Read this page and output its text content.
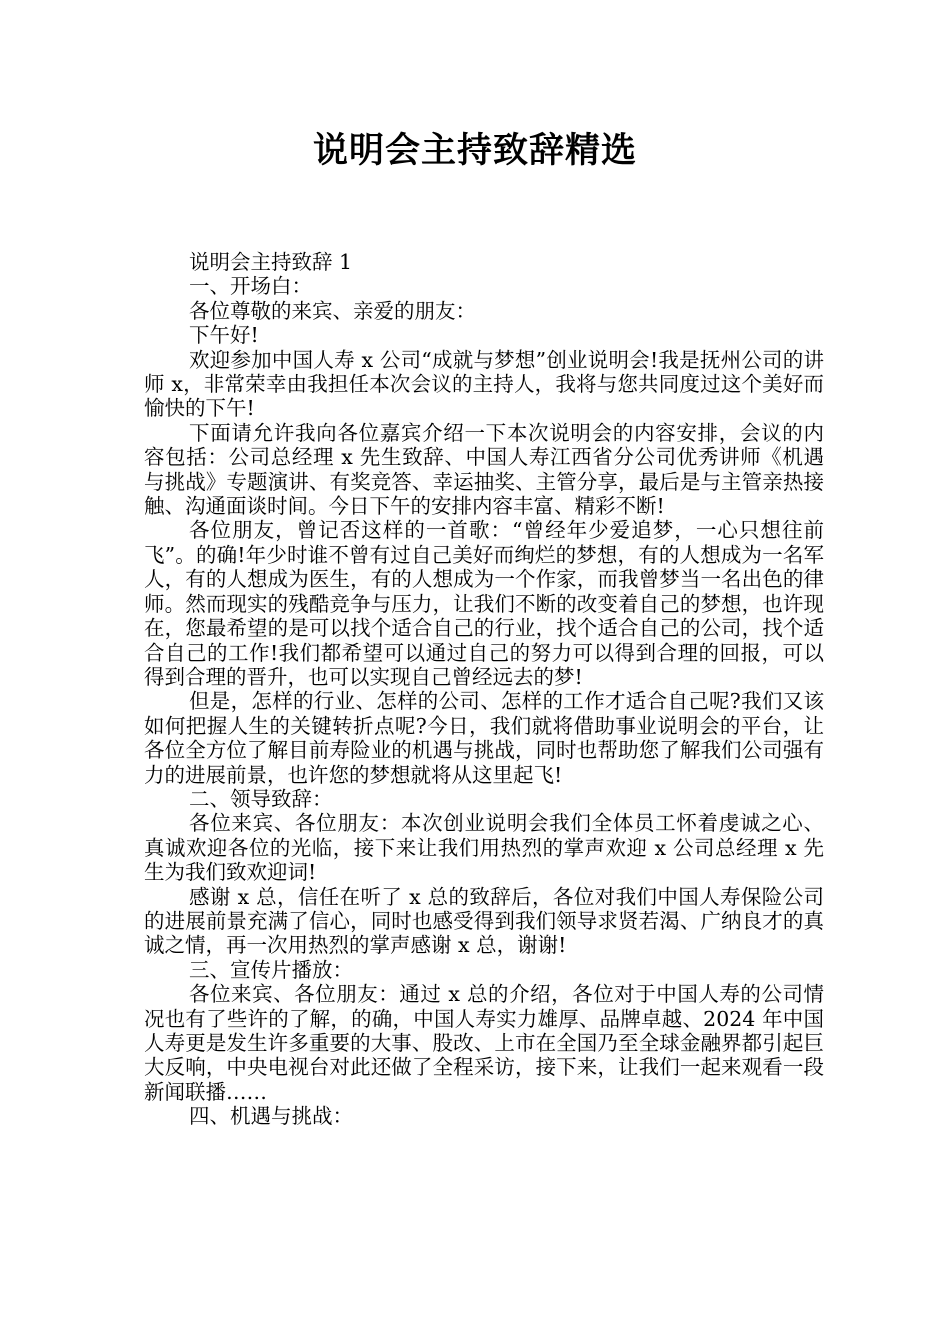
说明会主持致辞精选

说明会主持致辞 1

一、开场白：

各位尊敬的来宾、亲爱的朋友：

下午好!

欢迎参加中国人寿 x 公司“成就与梦想”创业说明会!我是抚州公司的讲师 x，非常荣幸由我担任本次会议的主持人，我将与您共同度过这个美好而愉快的下午!

下面请允许我向各位嘉宾介绍一下本次说明会的内容安排，会议的内容包括：公司总经理 x 先生致辞、中国人寿江西省分公司优秀讲师《机遇与挑战》专题演讲、有奖竞答、幸运抽奖、主管分享，最后是与主管亲热接触、沟通面谈时间。今日下午的安排内容丰富、精彩不断!

各位朋友，曾记否这样的一首歌：“曾经年少爱追梦，一心只想往前飞”。的确!年少时谁不曾有过自己美好而绚烂的梦想，有的人想成为一名军人，有的人想成为医生，有的人想成为一个作家，而我曾梦当一名出色的律师。然而现实的残酷竞争与压力，让我们不断的改变着自己的梦想，也许现在，您最希望的是可以找个适合自己的行业，找个适合自己的公司，找个适合自己的工作!我们都希望可以通过自己的努力可以得到合理的回报，可以得到合理的晋升，也可以实现自己曾经远去的梦!

但是，怎样的行业、怎样的公司、怎样的工作才适合自己呢?我们又该如何把握人生的关键转折点呢?今日，我们就将借助事业说明会的平台，让各位全方位了解目前寿险业的机遇与挑战，同时也帮助您了解我们公司强有力的进展前景，也许您的梦想就将从这里起飞!

二、领导致辞：

各位来宾、各位朋友：本次创业说明会我们全体员工怀着虔诚之心、真诚欢迎各位的光临，接下来让我们用热烈的掌声欢迎 x 公司总经理 x 先生为我们致欢迎词!

感谢 x 总，信任在听了 x 总的致辞后，各位对我们中国人寿保险公司的进展前景充满了信心，同时也感受得到我们领导求贤若渴、广纳良才的真诚之情，再一次用热烈的掌声感谢 x 总，谢谢!

三、宣传片播放：

各位来宾、各位朋友：通过 x 总的介绍，各位对于中国人寿的公司情况也有了些许的了解，的确，中国人寿实力雄厚、品牌卓越、2024 年中国人寿更是发生许多重要的大事、股改、上市在全国乃至全球金融界都引起巨大反响，中央电视台对此还做了全程采访，接下来，让我们一起来观看一段新闻联播……

四、机遇与挑战：
